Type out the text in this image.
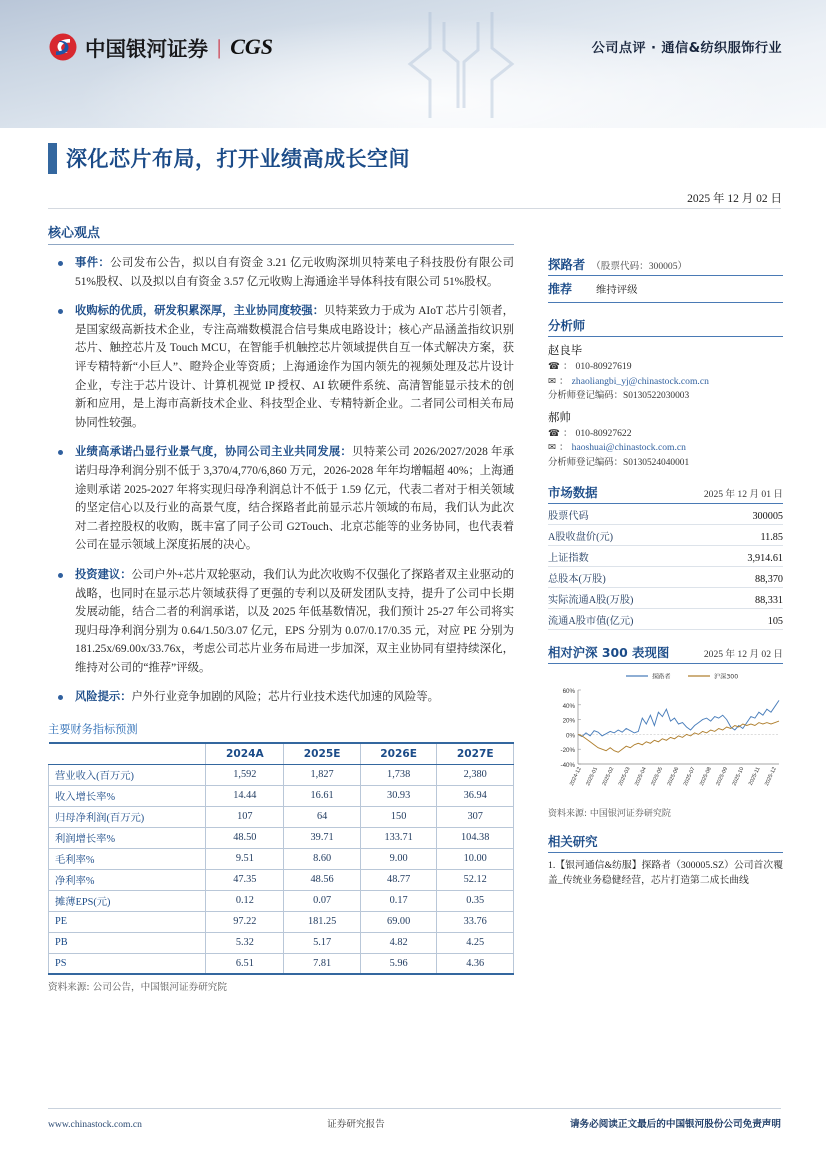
中国银河证券 | CGS	公司点评 · 通信&纺织服饰行业
深化芯片布局，打开业绩高成长空间
2025 年 12 月 02 日
核心观点
事件：公司发布公告，拟以自有资金 3.21 亿元收购深圳贝特莱电子科技股份有限公司 51%股权、以及拟以自有资金 3.57 亿元收购上海通途半导体科技有限公司 51%股权。
收购标的优质，研发积累深厚，主业协同度较强：贝特莱致力于成为 AIoT 芯片引领者，是国家级高新技术企业，专注高端数模混合信号集成电路设计；核心产品涵盖指纹识别芯片、触控芯片及 Touch MCU，在智能手机触控芯片领域提供自互一体式解决方案，获评专精特新“小巨人”、瞪羚企业等资质；上海通途作为国内领先的视频处理及芯片设计企业，专注于芯片设计、计算机视觉 IP 授权、AI 软硬件系统、高清智能显示技术的创新和应用，是上海市高新技术企业、科技型企业、专精特新企业。二者同公司相关布局协同性较强。
业绩高承诺凸显行业景气度，协同公司主业共同发展：贝特莱公司 2026/2027/2028 年承诺归母净利润分别不低于 3,370/4,770/6,860 万元，2026-2028 年年均增幅超 40%；上海通途则承诺 2025-2027 年将实现归母净利润总计不低于 1.59 亿元，代表二者对于相关领域的坚定信心以及行业的高景气度，结合探路者此前显示芯片领域的布局，我们认为此次对二者控股权的收购，既丰富了同子公司 G2Touch、北京芯能等的业务协同，也代表着公司在显示领域上深度拓展的决心。
投资建议：公司户外+芯片双轮驱动，我们认为此次收购不仅强化了探路者双主业驱动的战略，也同时在显示芯片领域获得了更强的专利以及研发团队支持，提升了公司中长期发展动能，结合二者的利润承诺，以及 2025 年低基数情况，我们预计 25-27 年公司将实现归母净利润分别为 0.64/1.50/3.07 亿元，EPS 分别为 0.07/0.17/0.35 元，对应 PE 分别为 181.25x/69.00x/33.76x，考虑公司芯片业务布局进一步加深，双主业协同有望持续深化，维持对公司的“推荐”评级。
风险提示：户外行业竞争加剧的风险；芯片行业技术迭代加速的风险等。
主要财务指标预测
	2024A	2025E	2026E	2027E
营业收入(百万元)	1,592	1,827	1,738	2,380
收入增长率%	14.44	16.61	30.93	36.94
归母净利润(百万元)	107	64	150	307
利润增长率%	48.50	39.71	133.71	104.38
毛利率%	9.51	8.60	9.00	10.00
净利率%	47.35	48.56	48.77	52.12
摊薄EPS(元)	0.12	0.07	0.17	0.35
PE	97.22	181.25	69.00	33.76
PB	5.32	5.17	4.82	4.25
PS	6.51	7.81	5.96	4.36
资料来源: 公司公告，中国银河证券研究院
探路者 （股票代码：300005）
推荐 维持评级
分析师
赵良毕
☎ ： 010-80927619
✉ ： zhaoliangbi_yj@chinastock.com.cn
分析师登记编码：S0130522030003
郝帅
☎ ： 010-80927622
✉ ： haoshuai@chinastock.com.cn
分析师登记编码：S0130524040001
市场数据	2025 年 12 月 01 日
股票代码	300005
A股收盘价(元)	11.85
上证指数	3,914.61
总股本(万股)	88,370
实际流通A股(万股)	88,331
流通A股市值(亿元)	105
相对沪深 300 表现图	2025 年 12 月 02 日
-40%
-20%
0%
20%
40%
60%
探路者	沪深300
2024-12 2025-01 2025-02 2025-03 2025-04 2025-05 2025-06 2025-07 2025-08 2025-09 2025-10 2025-11 2025-12
资料来源: 中国银河证券研究院
相关研究
1.【银河通信&纺服】探路者（300005.SZ）公司首次覆盖_传统业务稳健经营，芯片打造第二成长曲线
www.chinastock.com.cn	证券研究报告	请务必阅读正文最后的中国银河股份公司免责声明
